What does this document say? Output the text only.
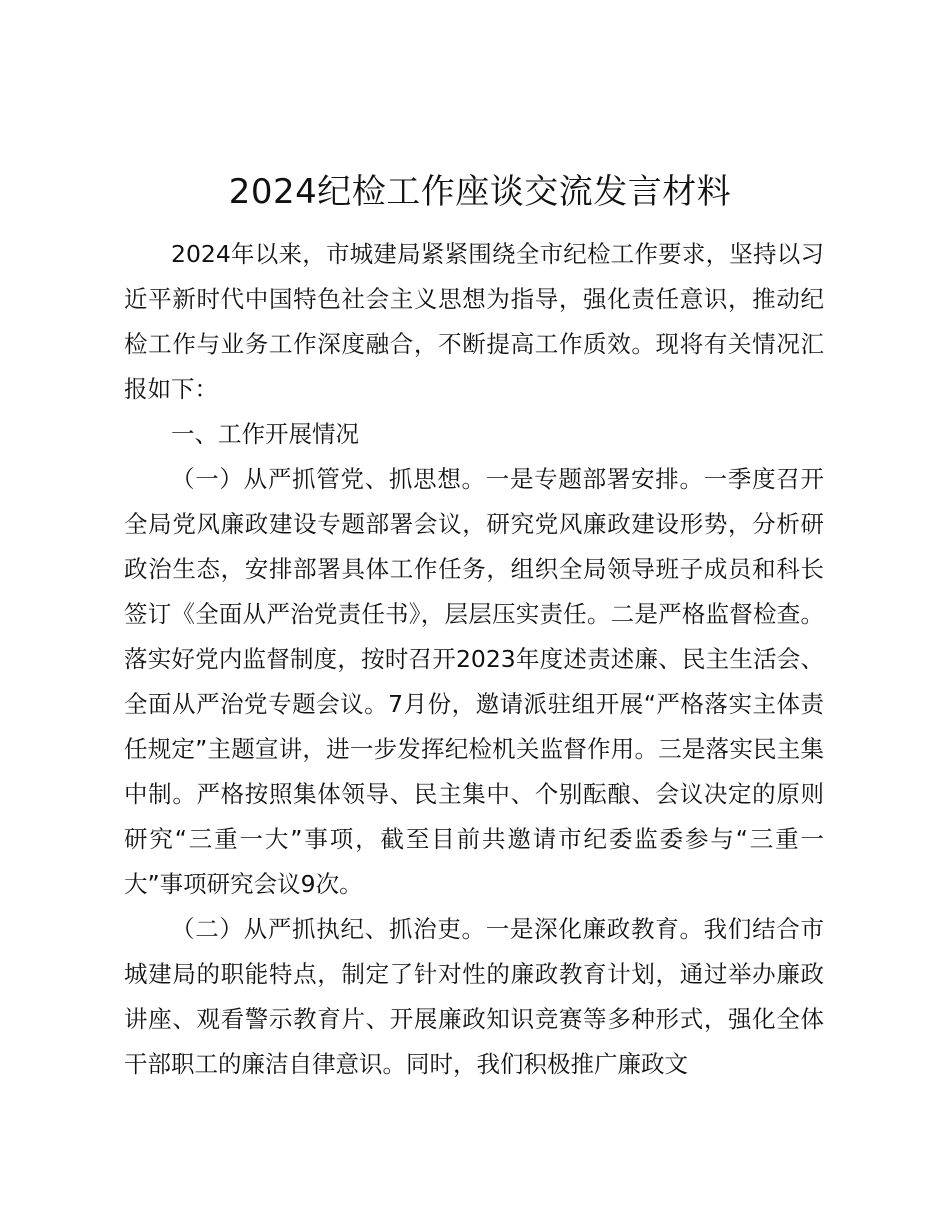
2024纪检工作座谈交流发言材料

2024年以来，市城建局紧紧围绕全市纪检工作要求，坚持以习近平新时代中国特色社会主义思想为指导，强化责任意识，推动纪检工作与业务工作深度融合，不断提高工作质效。现将有关情况汇报如下：

一、工作开展情况

（一）从严抓管党、抓思想。一是专题部署安排。一季度召开全局党风廉政建设专题部署会议，研究党风廉政建设形势，分析研政治生态，安排部署具体工作任务，组织全局领导班子成员和科长签订《全面从严治党责任书》，层层压实责任。二是严格监督检查。落实好党内监督制度，按时召开2023年度述责述廉、民主生活会、全面从严治党专题会议。7月份，邀请派驻组开展“严格落实主体责任规定”主题宣讲，进一步发挥纪检机关监督作用。三是落实民主集中制。严格按照集体领导、民主集中、个别酝酿、会议决定的原则研究“三重一大”事项，截至目前共邀请市纪委监委参与“三重一大”事项研究会议9次。

（二）从严抓执纪、抓治吏。一是深化廉政教育。我们结合市城建局的职能特点，制定了针对性的廉政教育计划，通过举办廉政讲座、观看警示教育片、开展廉政知识竞赛等多种形式，强化全体干部职工的廉洁自律意识。同时，我们积极推广廉政文
